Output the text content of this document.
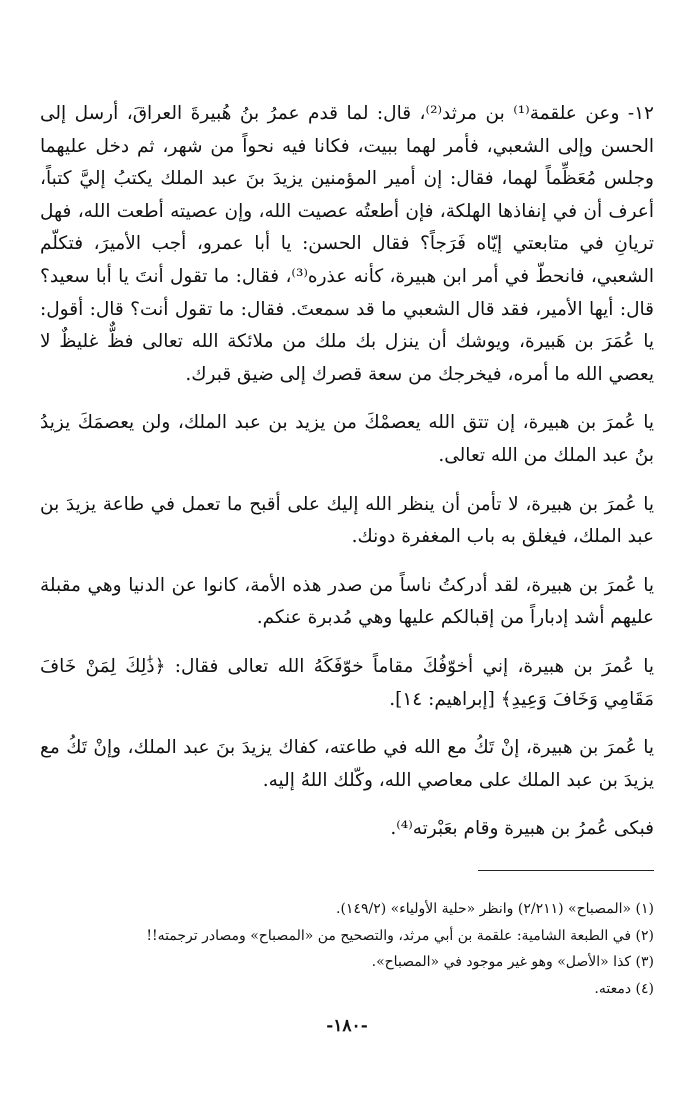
١٢- وعن علقمة⁽¹⁾ بن مرثد⁽²⁾، قال: لما قدم عمرُ بنُ هُبيرةَ العراقَ، أرسل إلى الحسن وإلى الشعبي، فأمر لهما ببيت، فكانا فيه نحواً من شهر، ثم دخل عليهما وجلس مُعَظِّماً لهما، فقال: إن أمير المؤمنين يزيدَ بنَ عبد الملك يكتبُ إليَّ كتباً، أعرف أن في إنفاذها الهلكة، فإن أطعتُه عصيت الله، وإن عصيته أطعت الله، فهل تريانِ في متابعتي إيّاه فَرَجاً؟ فقال الحسن: يا أبا عمرو، أجب الأميرَ، فتكلّم الشعبي، فانحطّ في أمر ابن هبيرة، كأنه عذره⁽³⁾، فقال: ما تقول أنتَ يا أبا سعيد؟ قال: أيها الأمير، فقد قال الشعبي ما قد سمعتَ. فقال: ما تقول أنت؟ قال: أقول: يا عُمَرَ بن هَبيرة، ويوشك أن ينزل بك ملك من ملائكة الله تعالى فظٌّ غليظٌ لا يعصي الله ما أمره، فيخرجك من سعة قصرك إلى ضيق قبرك.

يا عُمرَ بن هبيرة، إن تتق الله يعصمْكَ من يزيد بن عبد الملك، ولن يعصمَكَ يزيدُ بنُ عبد الملك من الله تعالى.

يا عُمرَ بن هبيرة، لا تأمن أن ينظر الله إليك على أقبح ما تعمل في طاعة يزيدَ بن عبد الملك، فيغلق به باب المغفرة دونك.

يا عُمرَ بن هبيرة، لقد أدركتُ ناساً من صدر هذه الأمة، كانوا عن الدنيا وهي مقبلة عليهم أشد إدباراً من إقبالكم عليها وهي مُدبرة عنكم.

يا عُمرَ بن هبيرة، إني أخوّفُكَ مقاماً خوّفَكَهُ الله تعالى فقال: ﴿ذَٰلِكَ لِمَنْ خَافَ مَقَامِي وَخَافَ وَعِيدِ﴾ [إبراهيم: ١٤].

يا عُمرَ بن هبيرة، إنْ تَكُ مع الله في طاعته، كفاك يزيدَ بنَ عبد الملك، وإنْ تَكُ مع يزيدَ بن عبد الملك على معاصي الله، وكّلك اللهُ إليه.

فبكى عُمرُ بن هبيرة وقام بعَبْرته⁽⁴⁾.

(١) «المصباح» (٢/٢١١) وانظر «حلية الأولياء» (١٤٩/٢).
(٢) في الطبعة الشامية: علقمة بن أبي مرثد، والتصحيح من «المصباح» ومصادر ترجمته!!
(٣) كذا «الأصل» وهو غير موجود في «المصباح».
(٤) دمعته.
-١٨٠-
